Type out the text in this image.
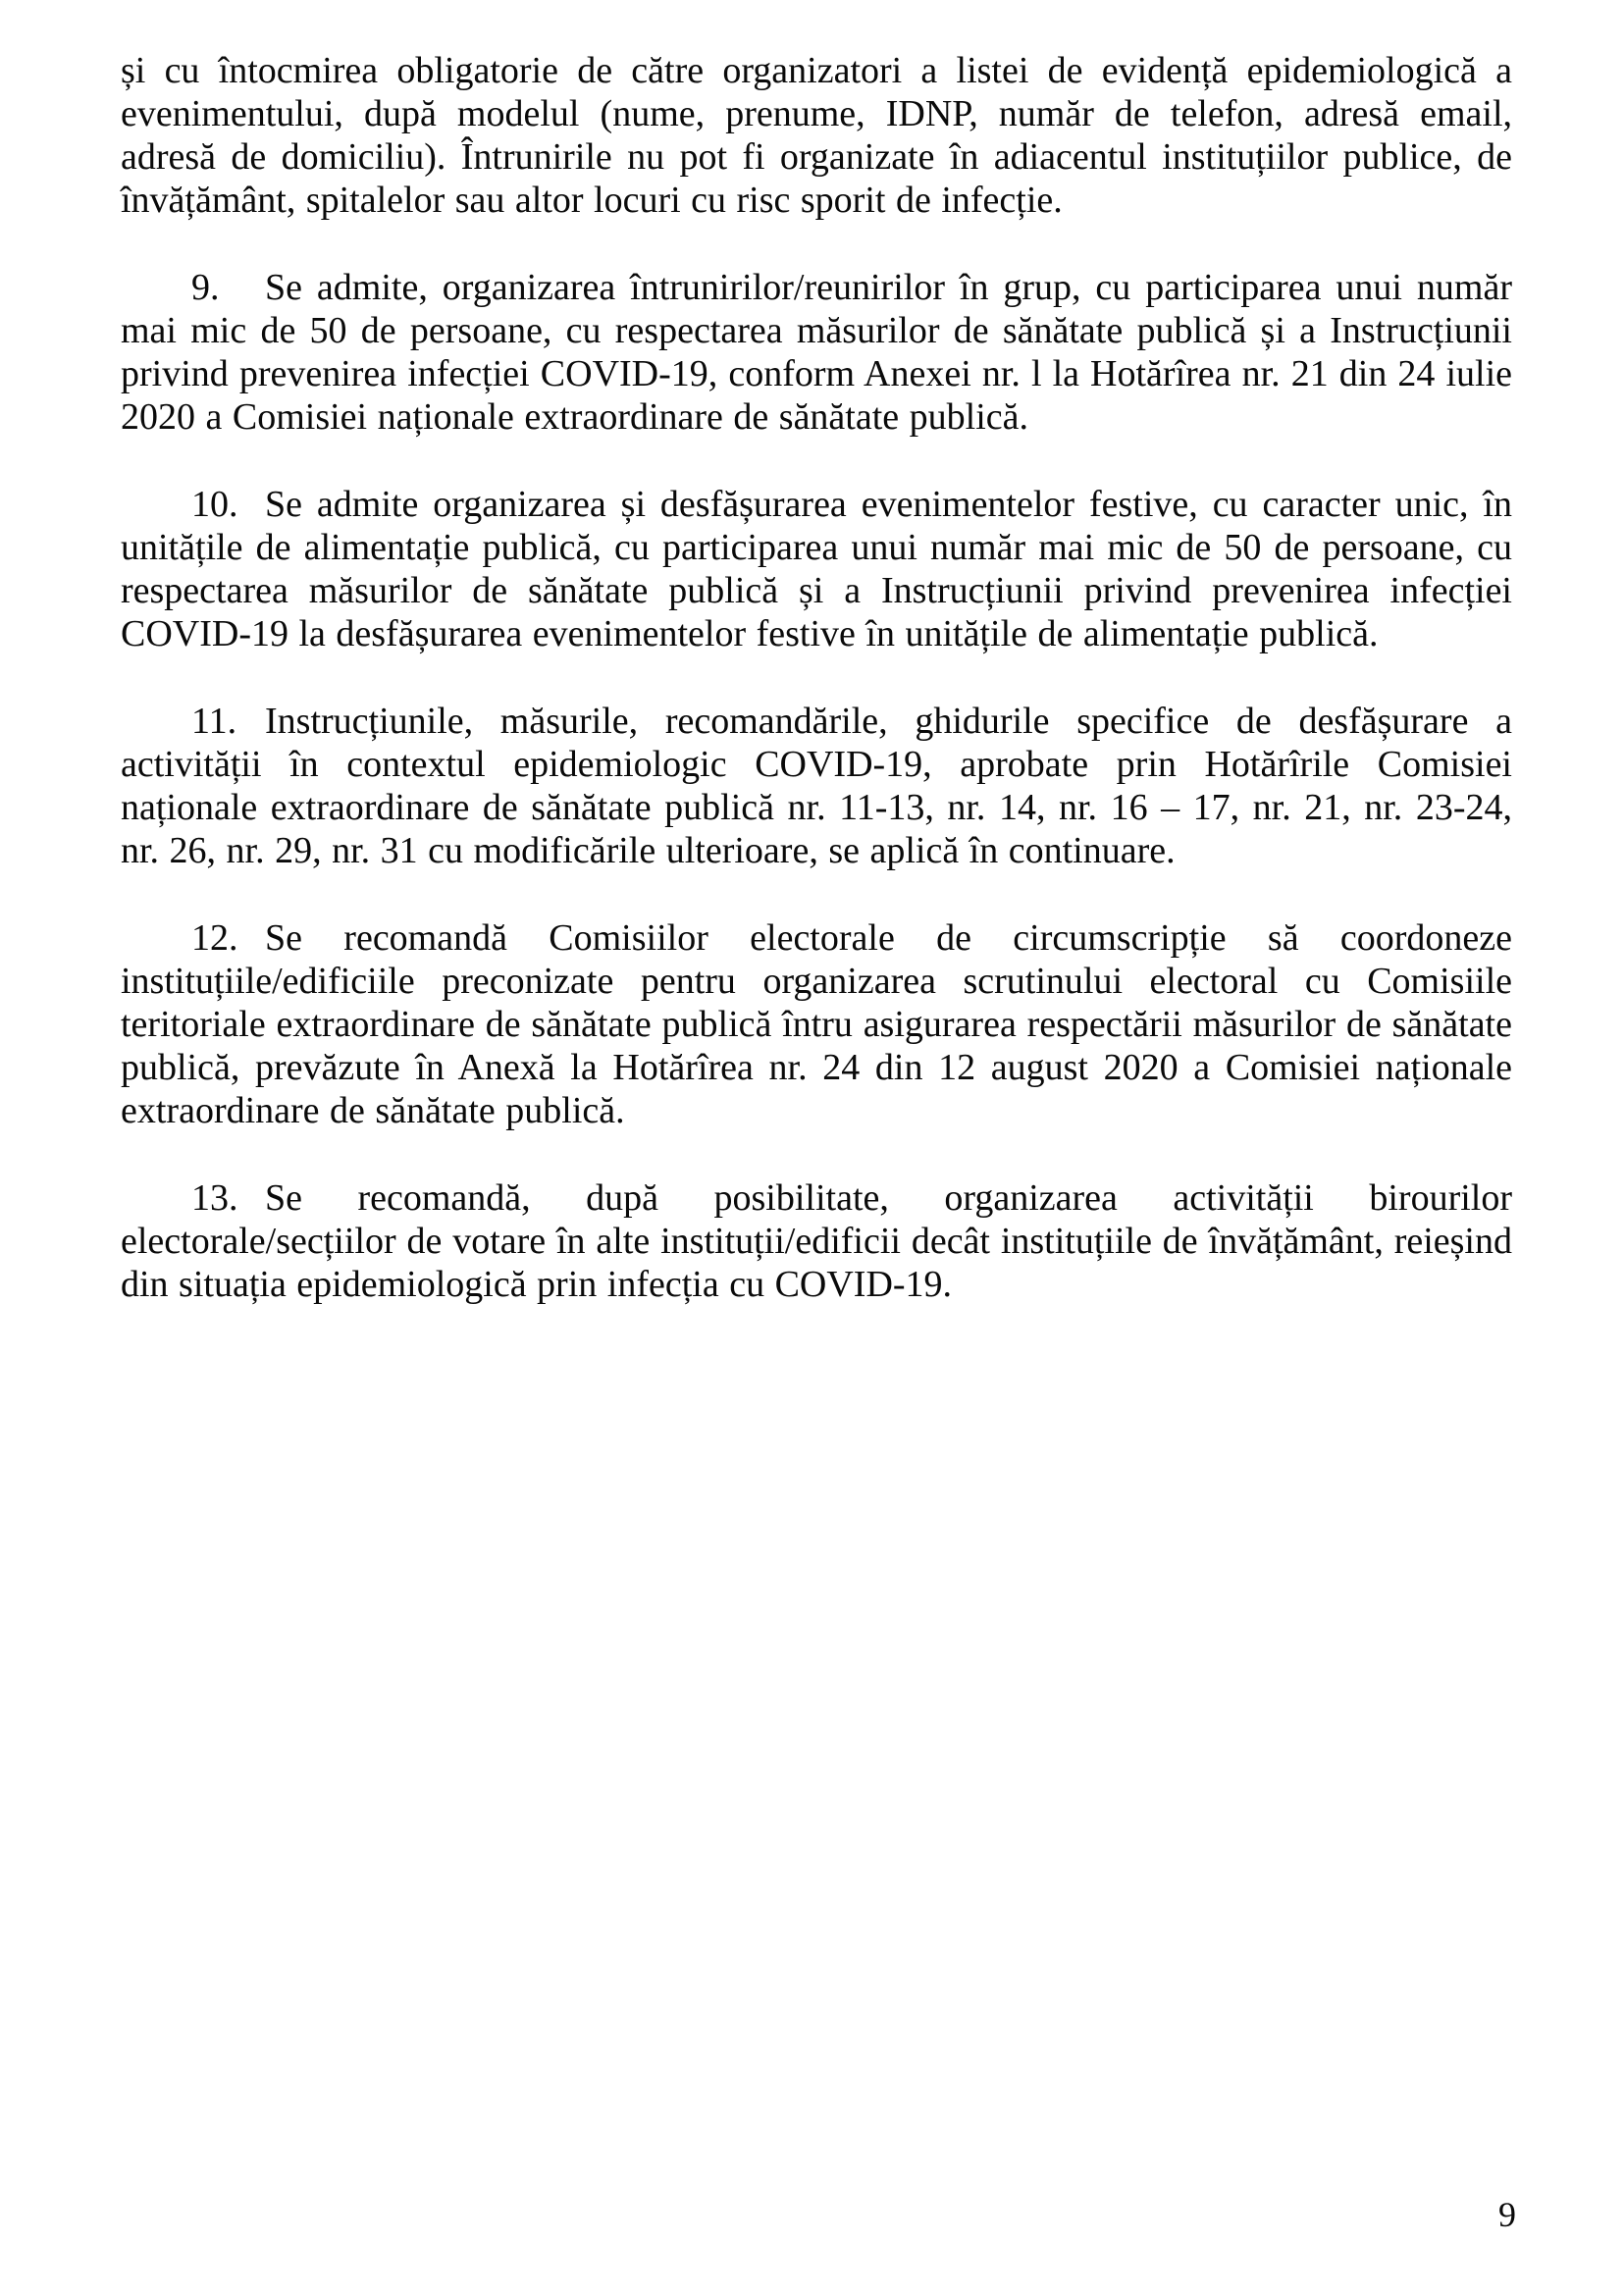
și cu întocmirea obligatorie de către organizatori a listei de evidență epidemiologică a evenimentului, după modelul (nume, prenume, IDNP, număr de telefon, adresă email, adresă de domiciliu). Întrunirile nu pot fi organizate în adiacentul instituțiilor publice, de învățământ, spitalelor sau altor locuri cu risc sporit de infecție.

9. Se admite, organizarea întrunirilor/reunirilor în grup, cu participarea unui număr mai mic de 50 de persoane, cu respectarea măsurilor de sănătate publică și a Instrucțiunii privind prevenirea infecției COVID-19, conform Anexei nr. l la Hotărîrea nr. 21 din 24 iulie 2020 a Comisiei naționale extraordinare de sănătate publică.

10. Se admite organizarea și desfășurarea evenimentelor festive, cu caracter unic, în unitățile de alimentație publică, cu participarea unui număr mai mic de 50 de persoane, cu respectarea măsurilor de sănătate publică și a Instrucțiunii privind prevenirea infecției COVID-19 la desfășurarea evenimentelor festive în unitățile de alimentație publică.

11. Instrucțiunile, măsurile, recomandările, ghidurile specifice de desfășurare a activității în contextul epidemiologic COVID-19, aprobate prin Hotărîrile Comisiei naționale extraordinare de sănătate publică nr. 11-13, nr. 14, nr. 16 – 17, nr. 21, nr. 23-24, nr. 26, nr. 29, nr. 31 cu modificările ulterioare, se aplică în continuare.

12. Se recomandă Comisiilor electorale de circumscripție să coordoneze instituțiile/edificiile preconizate pentru organizarea scrutinului electoral cu Comisiile teritoriale extraordinare de sănătate publică întru asigurarea respectării măsurilor de sănătate publică, prevăzute în Anexă la Hotărîrea nr. 24 din 12 august 2020 a Comisiei naționale extraordinare de sănătate publică.

13. Se recomandă, după posibilitate, organizarea activității birourilor electorale/secțiilor de votare în alte instituții/edificii decât instituțiile de învățământ, reieșind din situația epidemiologică prin infecția cu COVID-19.

9
